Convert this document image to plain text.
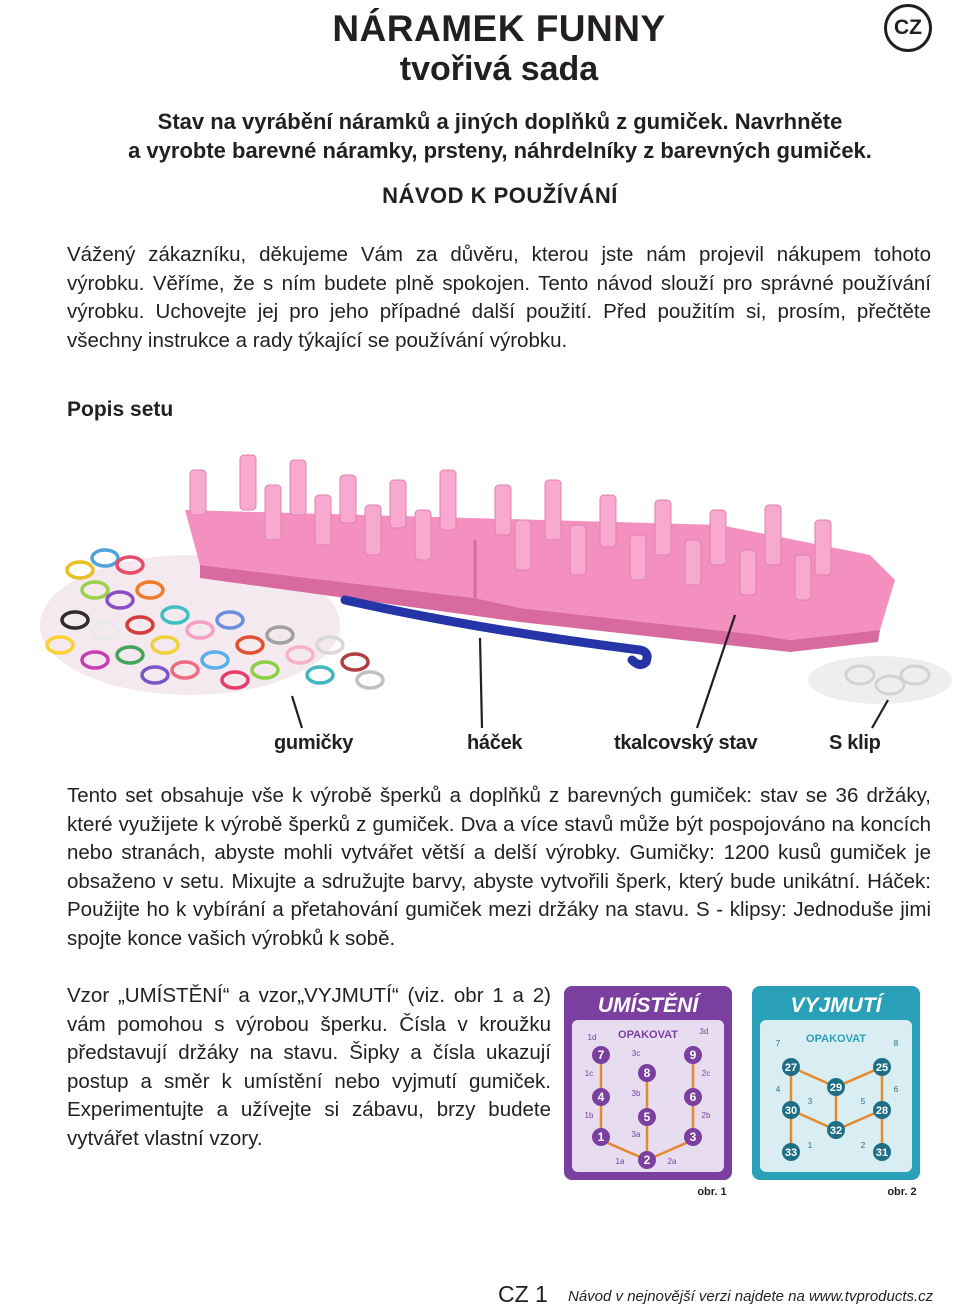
NÁRAMEK FUNNY
tvořivá sada
CZ
Stav na vyrábění náramků a jiných doplňků z gumiček. Navrhněte
a vyrobte barevné náramky, prsteny, náhrdelníky z barevných gumiček.
NÁVOD K POUŽÍVÁNÍ
Vážený zákazníku, děkujeme Vám za důvěru, kterou jste nám projevil nákupem tohoto výrobku. Věříme, že s ním budete plně spokojen. Tento návod slouží pro správné používání výrobku. Uchovejte jej pro jeho případné další použití. Před použitím si, prosím, přečtěte všechny instrukce a rady týkající se používání výrobku.
Popis setu
gumičky	háček	tkalcovský stav	S klip
Tento set obsahuje vše k výrobě šperků a doplňků z barevných gumiček: stav se 36 držáky, které využijete k výrobě šperků z gumiček. Dva a více stavů může být pospojováno na koncích nebo stranách, abyste mohli vytvářet větší a delší výrobky. Gumičky: 1200 kusů gumiček je obsaženo v setu. Mixujte a sdružujte barvy, abyste vytvořili šperk, který bude unikátní. Háček: Použijte ho k vybírání a přetahování gumiček mezi držáky na stavu. S - klipsy: Jednoduše jimi spojte konce vašich výrobků k sobě.
Vzor „UMÍSTĚNÍ“ a vzor„VYJMUTÍ“ (viz. obr 1 a 2) vám pomohou s výrobou šperku. Čísla v kroužku představují držáky na stavu. Šipky a čísla ukazují postup a směr k umístění nebo vyjmutí gumiček. Experimentujte a užívejte si zábavu, brzy budete vytvářet vlastní vzory.
UMÍSTĚNÍ
OPAKOVAT
7
8
9
4
5
6
1
2
3
1d
3d
1c
3c
3b
2c
1b
3a
2b
1a	2a
obr. 1
VYJMUTÍ
OPAKOVAT
27	25
29
30	28
32
33	31
7	8
4	6
3	5
1	2
obr. 2
CZ 1 Návod v nejnovější verzi najdete na www.tvproducts.cz
